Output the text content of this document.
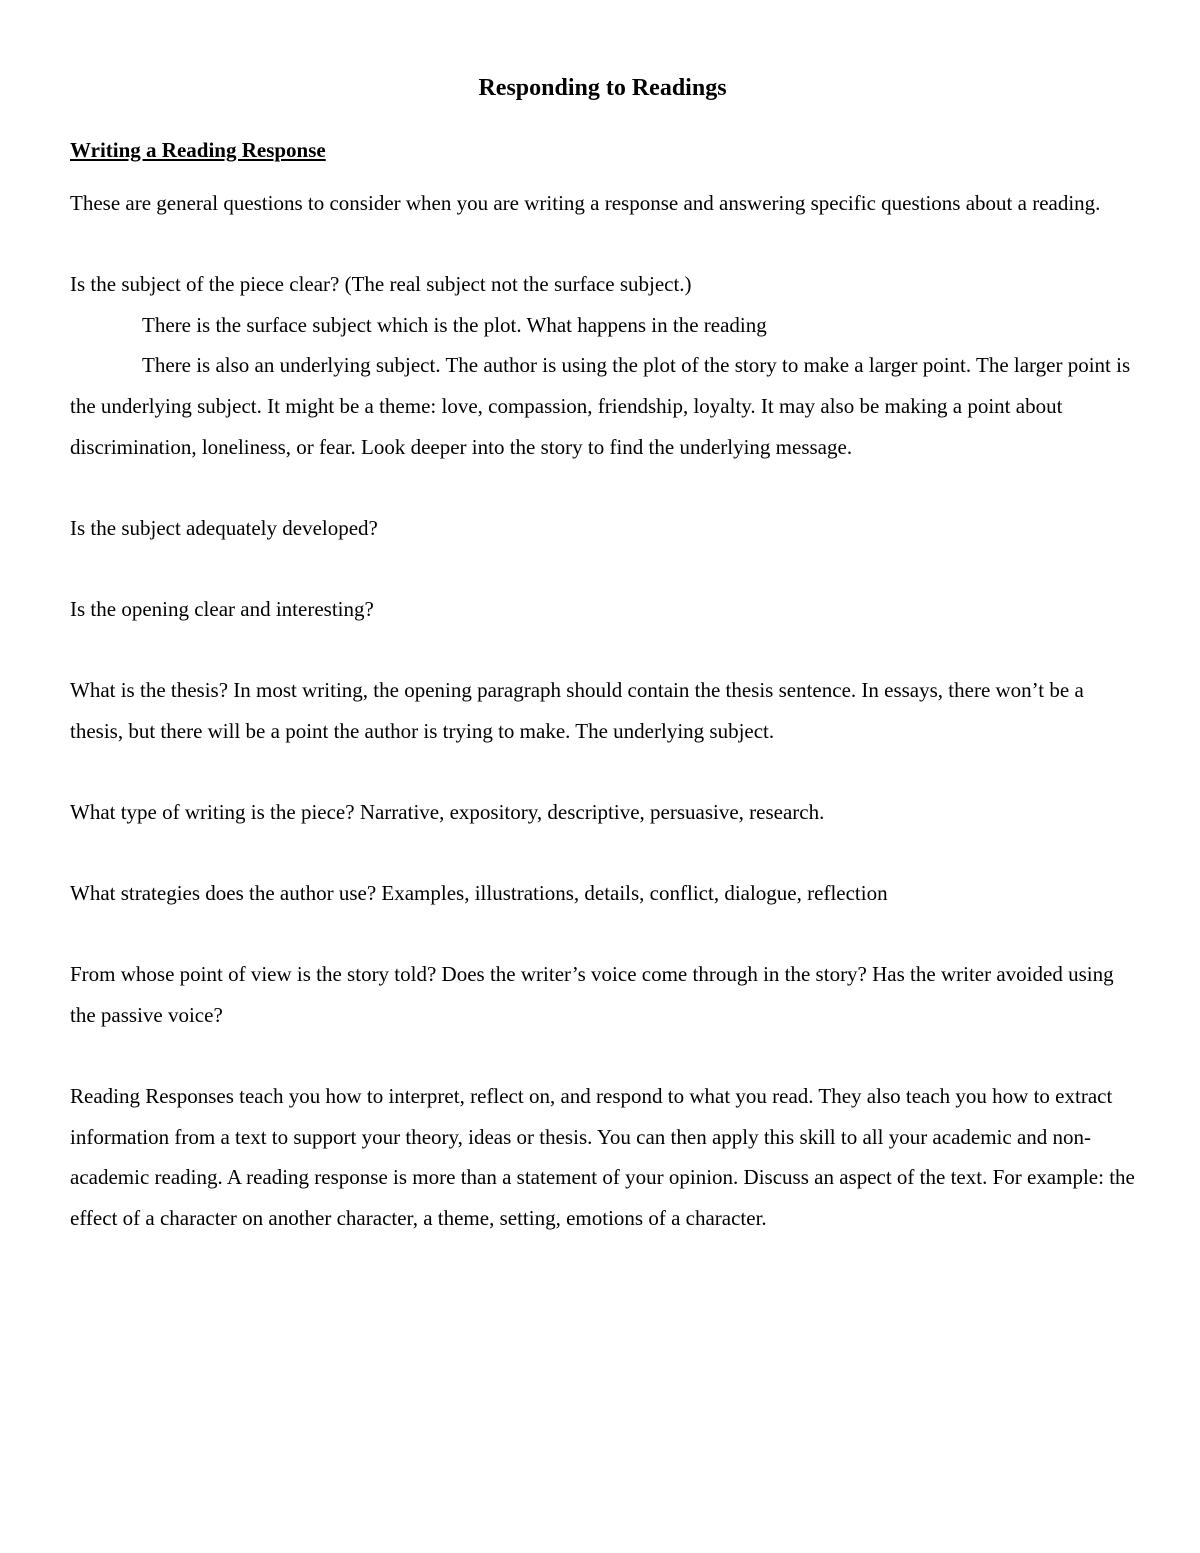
Responding to Readings
Writing a Reading Response

These are general questions to consider when you are writing a response and answering specific questions about a reading.

Is the subject of the piece clear? (The real subject not the surface subject.)

There is the surface subject which is the plot. What happens in the reading

There is also an underlying subject. The author is using the plot of the story to make a larger point. The larger point is the underlying subject. It might be a theme: love, compassion, friendship, loyalty. It may also be making a point about discrimination, loneliness, or fear. Look deeper into the story to find the underlying message.

Is the subject adequately developed?

Is the opening clear and interesting?

What is the thesis? In most writing, the opening paragraph should contain the thesis sentence. In essays, there won’t be a thesis, but there will be a point the author is trying to make. The underlying subject.

What type of writing is the piece? Narrative, expository, descriptive, persuasive, research.

What strategies does the author use? Examples, illustrations, details, conflict, dialogue, reflection

From whose point of view is the story told? Does the writer’s voice come through in the story? Has the writer avoided using the passive voice?

Reading Responses teach you how to interpret, reflect on, and respond to what you read. They also teach you how to extract information from a text to support your theory, ideas or thesis. You can then apply this skill to all your academic and non-academic reading. A reading response is more than a statement of your opinion. Discuss an aspect of the text. For example: the effect of a character on another character, a theme, setting, emotions of a character.
